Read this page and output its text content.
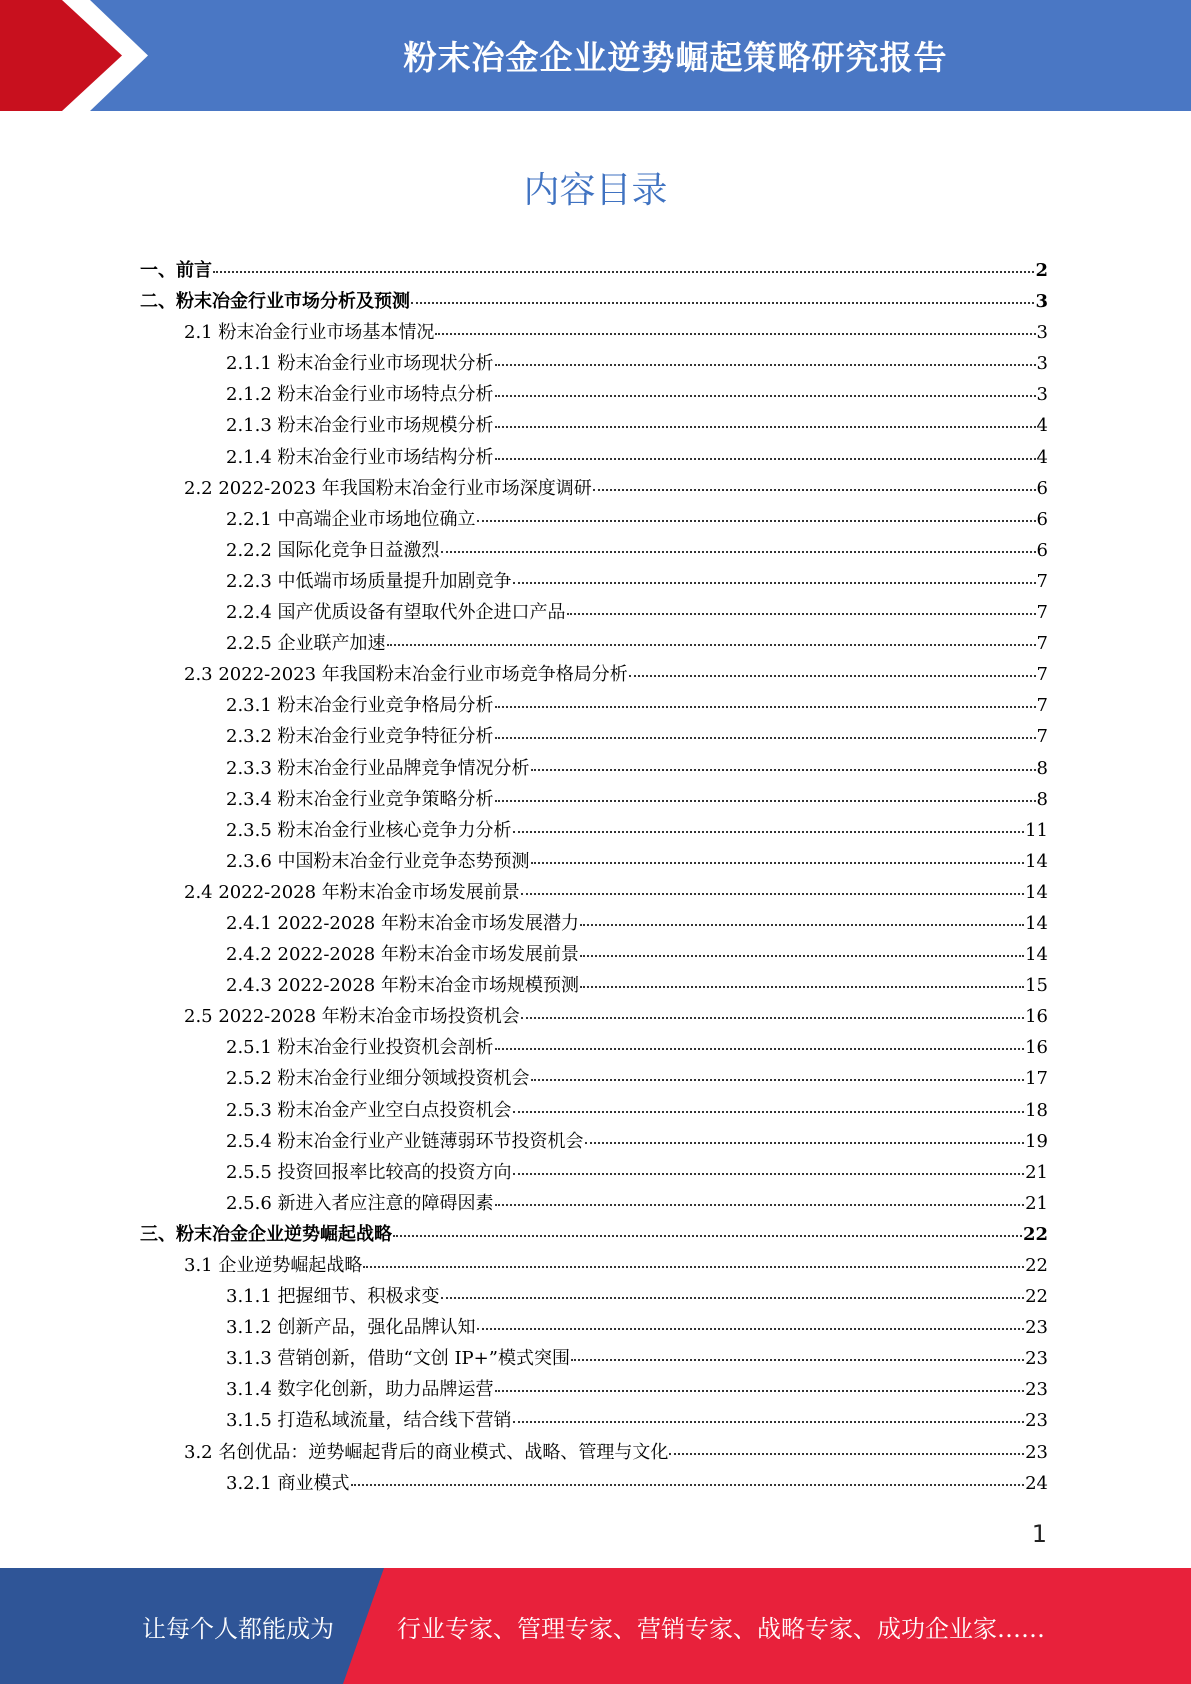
粉末冶金企业逆势崛起策略研究报告
内容目录
一、前言	2
二、粉末冶金行业市场分析及预测	3
2.1 粉末冶金行业市场基本情况	3
2.1.1 粉末冶金行业市场现状分析	3
2.1.2 粉末冶金行业市场特点分析	3
2.1.3 粉末冶金行业市场规模分析	4
2.1.4 粉末冶金行业市场结构分析	4
2.2 2022-2023 年我国粉末冶金行业市场深度调研	6
2.2.1 中高端企业市场地位确立	6
2.2.2 国际化竞争日益激烈	6
2.2.3 中低端市场质量提升加剧竞争	7
2.2.4 国产优质设备有望取代外企进口产品	7
2.2.5 企业联产加速	7
2.3 2022-2023 年我国粉末冶金行业市场竞争格局分析	7
2.3.1 粉末冶金行业竞争格局分析	7
2.3.2 粉末冶金行业竞争特征分析	7
2.3.3 粉末冶金行业品牌竞争情况分析	8
2.3.4 粉末冶金行业竞争策略分析	8
2.3.5 粉末冶金行业核心竞争力分析	11
2.3.6 中国粉末冶金行业竞争态势预测	14
2.4 2022-2028 年粉末冶金市场发展前景	14
2.4.1 2022-2028 年粉末冶金市场发展潜力	14
2.4.2 2022-2028 年粉末冶金市场发展前景	14
2.4.3 2022-2028 年粉末冶金市场规模预测	15
2.5 2022-2028 年粉末冶金市场投资机会	16
2.5.1 粉末冶金行业投资机会剖析	16
2.5.2 粉末冶金行业细分领域投资机会	17
2.5.3 粉末冶金产业空白点投资机会	18
2.5.4 粉末冶金行业产业链薄弱环节投资机会	19
2.5.5 投资回报率比较高的投资方向	21
2.5.6 新进入者应注意的障碍因素	21
三、粉末冶金企业逆势崛起战略	22
3.1 企业逆势崛起战略	22
3.1.1 把握细节、积极求变	22
3.1.2 创新产品，强化品牌认知	23
3.1.3 营销创新，借助“文创 IP+”模式突围	23
3.1.4 数字化创新，助力品牌运营	23
3.1.5 打造私域流量，结合线下营销	23
3.2 名创优品：逆势崛起背后的商业模式、战略、管理与文化	23
3.2.1 商业模式	24
1
让每个人都能成为	行业专家、管理专家、营销专家、战略专家、成功企业家……
